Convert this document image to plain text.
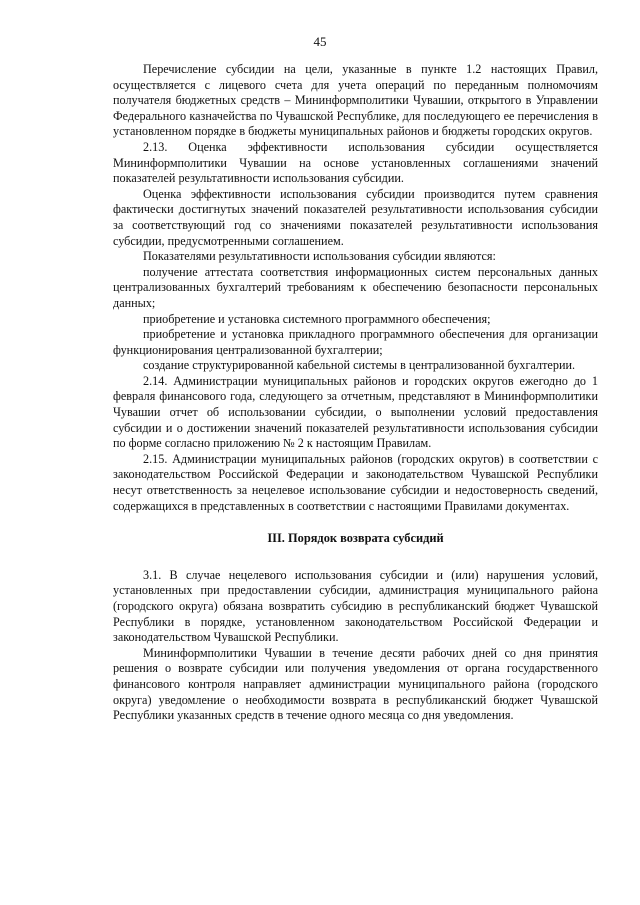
45

Перечисление субсидии на цели, указанные в пункте 1.2 настоящих Правил, осуществляется с лицевого счета для учета операций по переданным полномочиям получателя бюджетных средств – Мининформполитики Чувашии, открытого в Управлении Федерального казначейства по Чувашской Республике, для последующего ее перечисления в установленном порядке в бюджеты муниципальных районов и бюджеты городских округов.

2.13. Оценка эффективности использования субсидии осуществляется Мининформполитики Чувашии на основе установленных соглашениями значений показателей результативности использования субсидии.

Оценка эффективности использования субсидии производится путем сравнения фактически достигнутых значений показателей результативности использования субсидии за соответствующий год со значениями показателей результативности использования субсидии, предусмотренными соглашением.

Показателями результативности использования субсидии являются:

получение аттестата соответствия информационных систем персональных данных централизованных бухгалтерий требованиям к обеспечению безопасности персональных данных;

приобретение и установка системного программного обеспечения;

приобретение и установка прикладного программного обеспечения для организации функционирования централизованной бухгалтерии;

создание структурированной кабельной системы в централизованной бухгалтерии.

2.14. Администрации муниципальных районов и городских округов ежегодно до 1 февраля финансового года, следующего за отчетным, представляют в Мининформполитики Чувашии отчет об использовании субсидии, о выполнении условий предоставления субсидии и о достижении значений показателей результативности использования субсидии по форме согласно приложению № 2 к настоящим Правилам.

2.15. Администрации муниципальных районов (городских округов) в соответствии с законодательством Российской Федерации и законодательством Чувашской Республики несут ответственность за нецелевое использование субсидии и недостоверность сведений, содержащихся в представленных в соответствии с настоящими Правилами документах.

III. Порядок возврата субсидий

3.1. В случае нецелевого использования субсидии и (или) нарушения условий, установленных при предоставлении субсидии, администрация муниципального района (городского округа) обязана возвратить субсидию в республиканский бюджет Чувашской Республики в порядке, установленном законодательством Российской Федерации и законодательством Чувашской Республики.

Мининформполитики Чувашии в течение десяти рабочих дней со дня принятия решения о возврате субсидии или получения уведомления от органа государственного финансового контроля направляет администрации муниципального района (городского округа) уведомление о необходимости возврата в республиканский бюджет Чувашской Республики указанных средств в течение одного месяца со дня уведомления.
